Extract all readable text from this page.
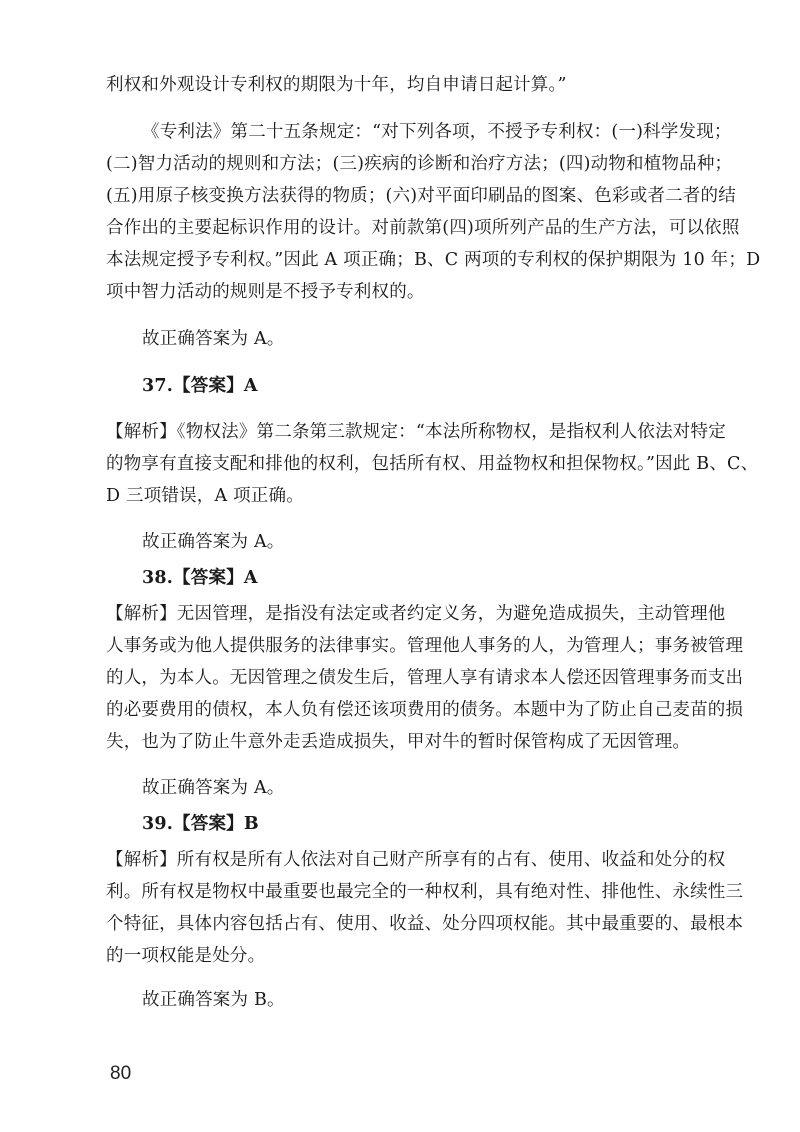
利权和外观设计专利权的期限为十年，均自申请日起计算。”
《专利法》第二十五条规定：“对下列各项，不授予专利权：(一)科学发现；
(二)智力活动的规则和方法；(三)疾病的诊断和治疗方法；(四)动物和植物品种；
(五)用原子核变换方法获得的物质；(六)对平面印刷品的图案、色彩或者二者的结
合作出的主要起标识作用的设计。对前款第(四)项所列产品的生产方法，可以依照
本法规定授予专利权。”因此 A 项正确；B、C 两项的专利权的保护期限为 10 年；D
项中智力活动的规则是不授予专利权的。
故正确答案为 A。
37.【答案】A
【解析】《物权法》第二条第三款规定：“本法所称物权，是指权利人依法对特定
的物享有直接支配和排他的权利，包括所有权、用益物权和担保物权。”因此 B、C、
D 三项错误，A 项正确。
故正确答案为 A。
38.【答案】A
【解析】无因管理，是指没有法定或者约定义务，为避免造成损失，主动管理他
人事务或为他人提供服务的法律事实。管理他人事务的人，为管理人；事务被管理
的人，为本人。无因管理之债发生后，管理人享有请求本人偿还因管理事务而支出
的必要费用的债权，本人负有偿还该项费用的债务。本题中为了防止自己麦苗的损
失，也为了防止牛意外走丢造成损失，甲对牛的暂时保管构成了无因管理。
故正确答案为 A。
39.【答案】B
【解析】所有权是所有人依法对自己财产所享有的占有、使用、收益和处分的权
利。所有权是物权中最重要也最完全的一种权利，具有绝对性、排他性、永续性三
个特征，具体内容包括占有、使用、收益、处分四项权能。其中最重要的、最根本
的一项权能是处分。
故正确答案为 B。
80
